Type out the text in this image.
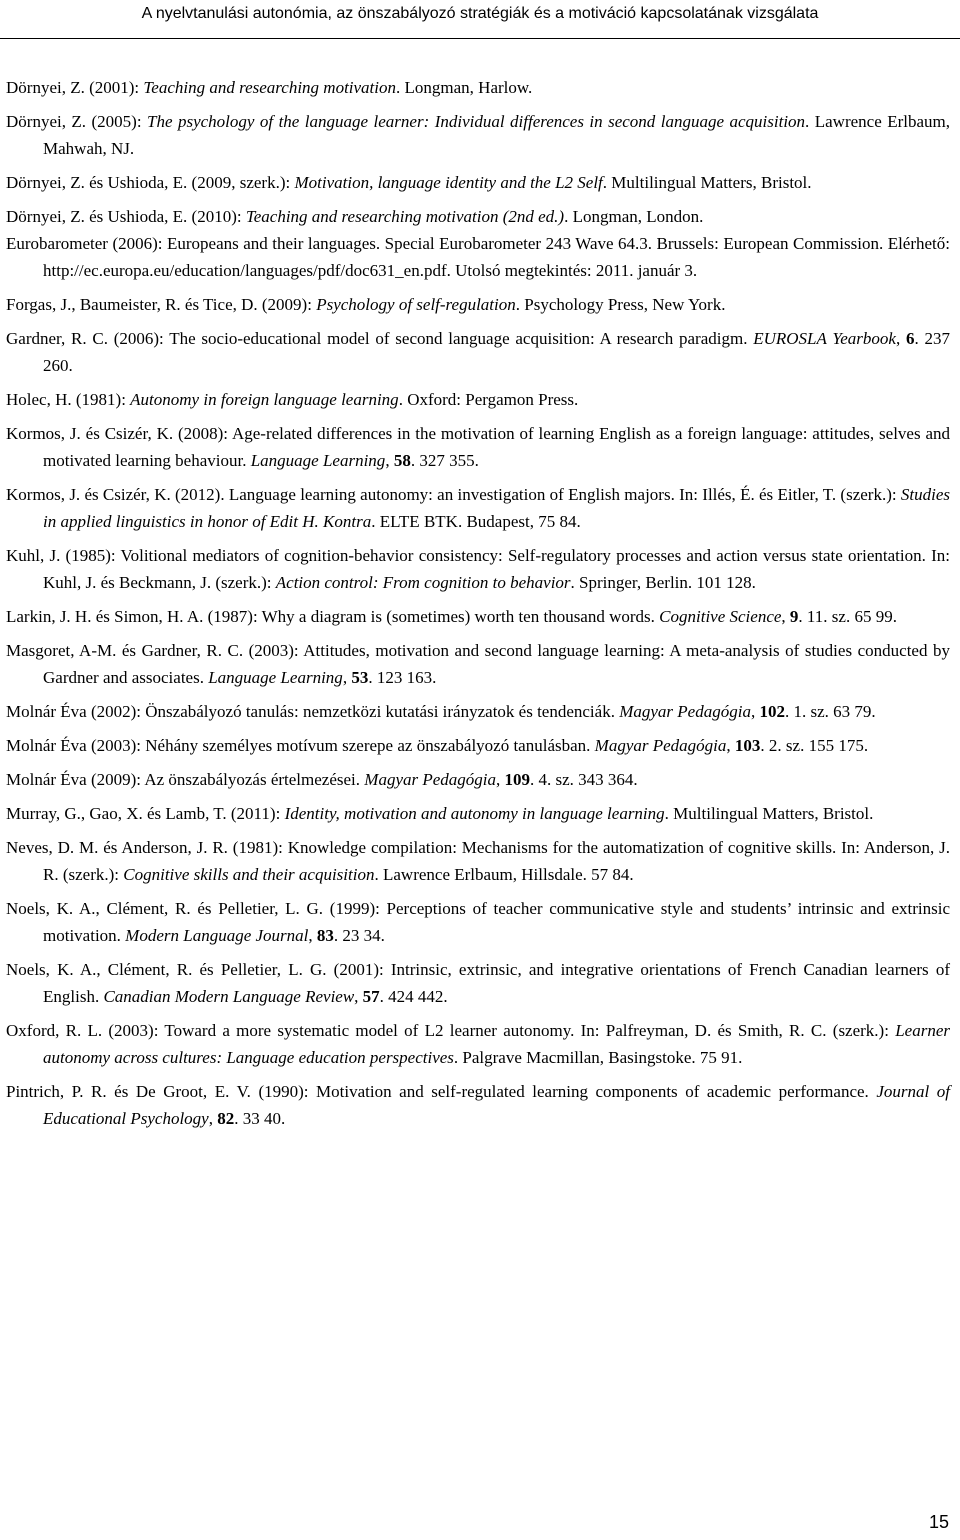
A nyelvtanulási autonómia, az önszabályozó stratégiák és a motiváció kapcsolatának vizsgálata

Dörnyei, Z. (2001): Teaching and researching motivation. Longman, Harlow.

Dörnyei, Z. (2005): The psychology of the language learner: Individual differences in second language acquisition. Lawrence Erlbaum, Mahwah, NJ.

Dörnyei, Z. és Ushioda, E. (2009, szerk.): Motivation, language identity and the L2 Self. Multilingual Matters, Bristol.

Dörnyei, Z. és Ushioda, E. (2010): Teaching and researching motivation (2nd ed.). Longman, London.

Eurobarometer (2006): Europeans and their languages. Special Eurobarometer 243 Wave 64.3. Brussels: European Commission. Elérhető: http://ec.europa.eu/education/languages/pdf/doc631_en.pdf. Utolsó megtekintés: 2011. január 3.

Forgas, J., Baumeister, R. és Tice, D. (2009): Psychology of self-regulation. Psychology Press, New York.

Gardner, R. C. (2006): The socio-educational model of second language acquisition: A research paradigm. EUROSLA Yearbook, 6. 237 260.

Holec, H. (1981): Autonomy in foreign language learning. Oxford: Pergamon Press.

Kormos, J. és Csizér, K. (2008): Age-related differences in the motivation of learning English as a foreign language: attitudes, selves and motivated learning behaviour. Language Learning, 58. 327 355.

Kormos, J. és Csizér, K. (2012). Language learning autonomy: an investigation of English majors. In: Illés, É. és Eitler, T. (szerk.): Studies in applied linguistics in honor of Edit H. Kontra. ELTE BTK. Budapest, 75 84.

Kuhl, J. (1985): Volitional mediators of cognition-behavior consistency: Self-regulatory processes and action versus state orientation. In: Kuhl, J. és Beckmann, J. (szerk.): Action control: From cognition to behavior. Springer, Berlin. 101 128.

Larkin, J. H. és Simon, H. A. (1987): Why a diagram is (sometimes) worth ten thousand words. Cognitive Science, 9. 11. sz. 65 99.

Masgoret, A-M. és Gardner, R. C. (2003): Attitudes, motivation and second language learning: A meta-analysis of studies conducted by Gardner and associates. Language Learning, 53. 123 163.

Molnár Éva (2002): Önszabályozó tanulás: nemzetközi kutatási irányzatok és tendenciák. Magyar Pedagógia, 102. 1. sz. 63 79.

Molnár Éva (2003): Néhány személyes motívum szerepe az önszabályozó tanulásban. Magyar Pedagógia, 103. 2. sz. 155 175.

Molnár Éva (2009): Az önszabályozás értelmezései. Magyar Pedagógia, 109. 4. sz. 343 364.

Murray, G., Gao, X. és Lamb, T. (2011): Identity, motivation and autonomy in language learning. Multilingual Matters, Bristol.

Neves, D. M. és Anderson, J. R. (1981): Knowledge compilation: Mechanisms for the automatization of cognitive skills. In: Anderson, J. R. (szerk.): Cognitive skills and their acquisition. Lawrence Erlbaum, Hillsdale. 57 84.

Noels, K. A., Clément, R. és Pelletier, L. G. (1999): Perceptions of teacher communicative style and students’ intrinsic and extrinsic motivation. Modern Language Journal, 83. 23 34.

Noels, K. A., Clément, R. és Pelletier, L. G. (2001): Intrinsic, extrinsic, and integrative orientations of French Canadian learners of English. Canadian Modern Language Review, 57. 424 442.

Oxford, R. L. (2003): Toward a more systematic model of L2 learner autonomy. In: Palfreyman, D. és Smith, R. C. (szerk.): Learner autonomy across cultures: Language education perspectives. Palgrave Macmillan, Basingstoke. 75 91.

Pintrich, P. R. és De Groot, E. V. (1990): Motivation and self-regulated learning components of academic performance. Journal of Educational Psychology, 82. 33 40.

15
